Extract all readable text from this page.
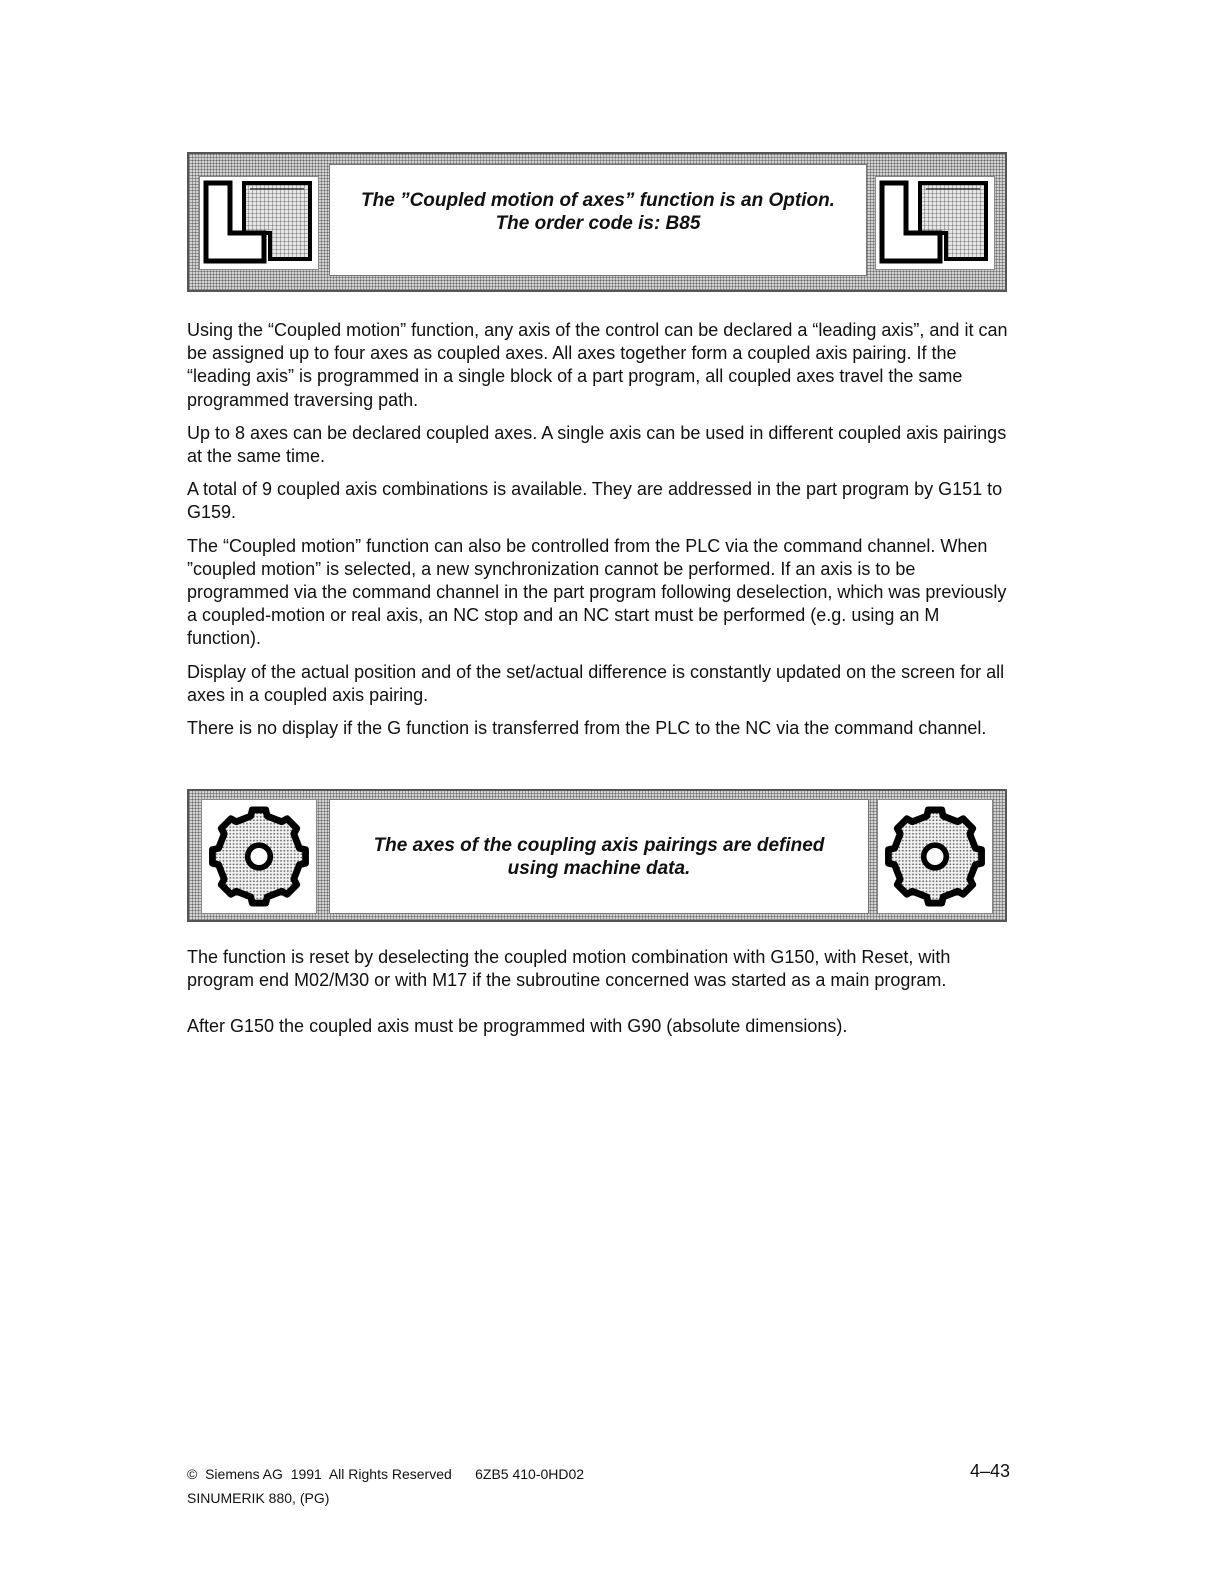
The ”Coupled motion of axes” function is an Option.
The order code is: B85

Using the “Coupled motion” function, any axis of the control can be declared a “leading axis”, and it can be assigned up to four axes as coupled axes. All axes together form a coupled axis pairing. If the “leading axis” is programmed in a single block of a part program, all coupled axes travel the same programmed traversing path.

Up to 8 axes can be declared coupled axes. A single axis can be used in different coupled axis pairings at the same time.

A total of 9 coupled axis combinations is available. They are addressed in the part program by G151 to G159.

The “Coupled motion” function can also be controlled from the PLC via the command channel. When ”coupled motion” is selected, a new synchronization cannot be performed. If an axis is to be programmed via the command channel in the part program following deselection, which was previously a coupled-motion or real axis, an NC stop and an NC start must be performed (e.g. using an M function).

Display of the actual position and of the set/actual difference is constantly updated on the screen for all axes in a coupled axis pairing.

There is no display if the G function is transferred from the PLC to the NC via the command channel.

The axes of the coupling axis pairings are defined
using machine data.

The function is reset by deselecting the coupled motion combination with G150, with Reset, with program end M02/M30 or with M17 if the subroutine concerned was started as a main program.

After G150 the coupled axis must be programmed with G90 (absolute dimensions).

©  Siemens AG  1991  All Rights Reserved      6ZB5 410-0HD02	4–43
SINUMERIK 880, (PG)
